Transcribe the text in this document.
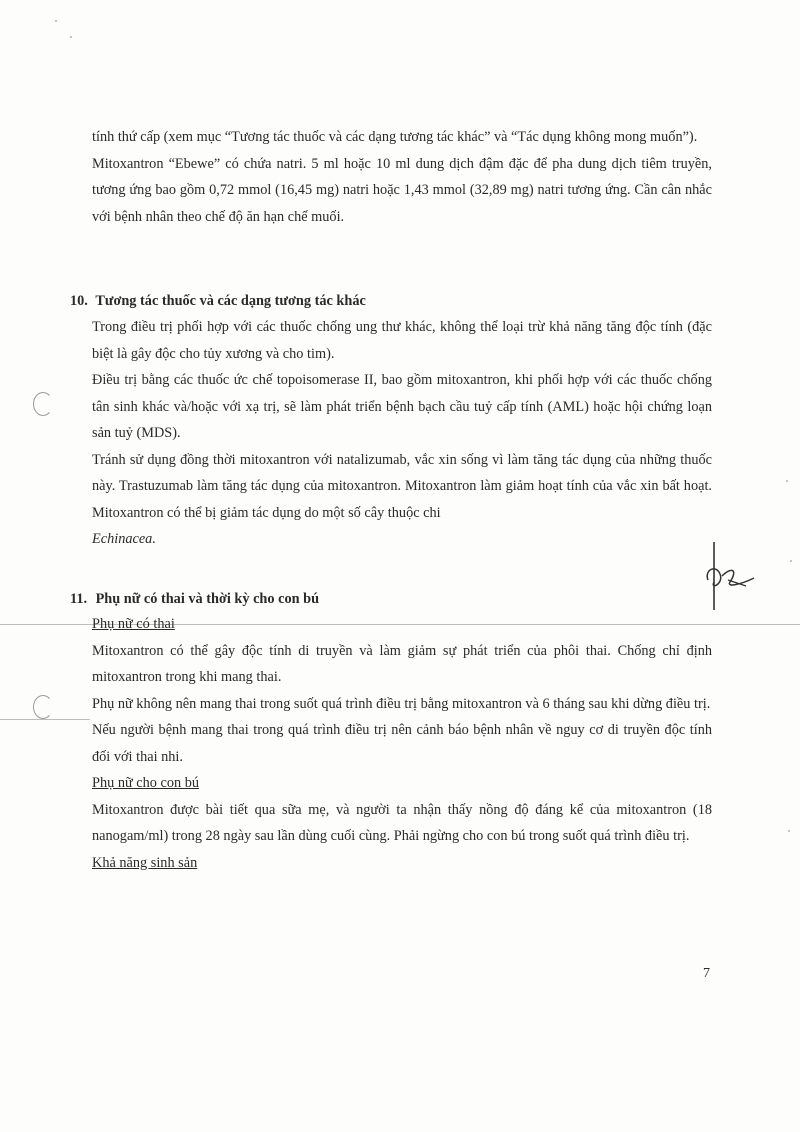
tính thứ cấp (xem mục “Tương tác thuốc và các dạng tương tác khác” và “Tác dụng không mong muốn”).

Mitoxantron “Ebewe” có chứa natri. 5 ml hoặc 10 ml dung dịch đậm đặc để pha dung dịch tiêm truyền, tương ứng bao gồm 0,72 mmol (16,45 mg) natri hoặc 1,43 mmol (32,89 mg) natri tương ứng. Cần cân nhắc với bệnh nhân theo chế độ ăn hạn chế muối.

10. Tương tác thuốc và các dạng tương tác khác

Trong điều trị phối hợp với các thuốc chống ung thư khác, không thể loại trừ khả năng tăng độc tính (đặc biệt là gây độc cho tủy xương và cho tim).

Điều trị bằng các thuốc ức chế topoisomerase II, bao gồm mitoxantron, khi phối hợp với các thuốc chống tân sinh khác và/hoặc với xạ trị, sẽ làm phát triển bệnh bạch cầu tuỷ cấp tính (AML) hoặc hội chứng loạn sản tuỷ (MDS).

Tránh sử dụng đồng thời mitoxantron với natalizumab, vắc xin sống vì làm tăng tác dụng của những thuốc này. Trastuzumab làm tăng tác dụng của mitoxantron. Mitoxantron làm giảm hoạt tính của vắc xin bất hoạt. Mitoxantron có thể bị giảm tác dụng do một số cây thuộc chi

Echinacea.

11. Phụ nữ có thai và thời kỳ cho con bú

Phụ nữ có thai

Mitoxantron có thể gây độc tính di truyền và làm giảm sự phát triển của phôi thai. Chống chỉ định mitoxantron trong khi mang thai.

Phụ nữ không nên mang thai trong suốt quá trình điều trị bằng mitoxantron và 6 tháng sau khi dừng điều trị.

Nếu người bệnh mang thai trong quá trình điều trị nên cảnh báo bệnh nhân về nguy cơ di truyền độc tính đối với thai nhi.

Phụ nữ cho con bú

Mitoxantron được bài tiết qua sữa mẹ, và người ta nhận thấy nồng độ đáng kể của mitoxantron (18 nanogam/ml) trong 28 ngày sau lần dùng cuối cùng. Phải ngừng cho con bú trong suốt quá trình điều trị.

Khả năng sinh sản

7
